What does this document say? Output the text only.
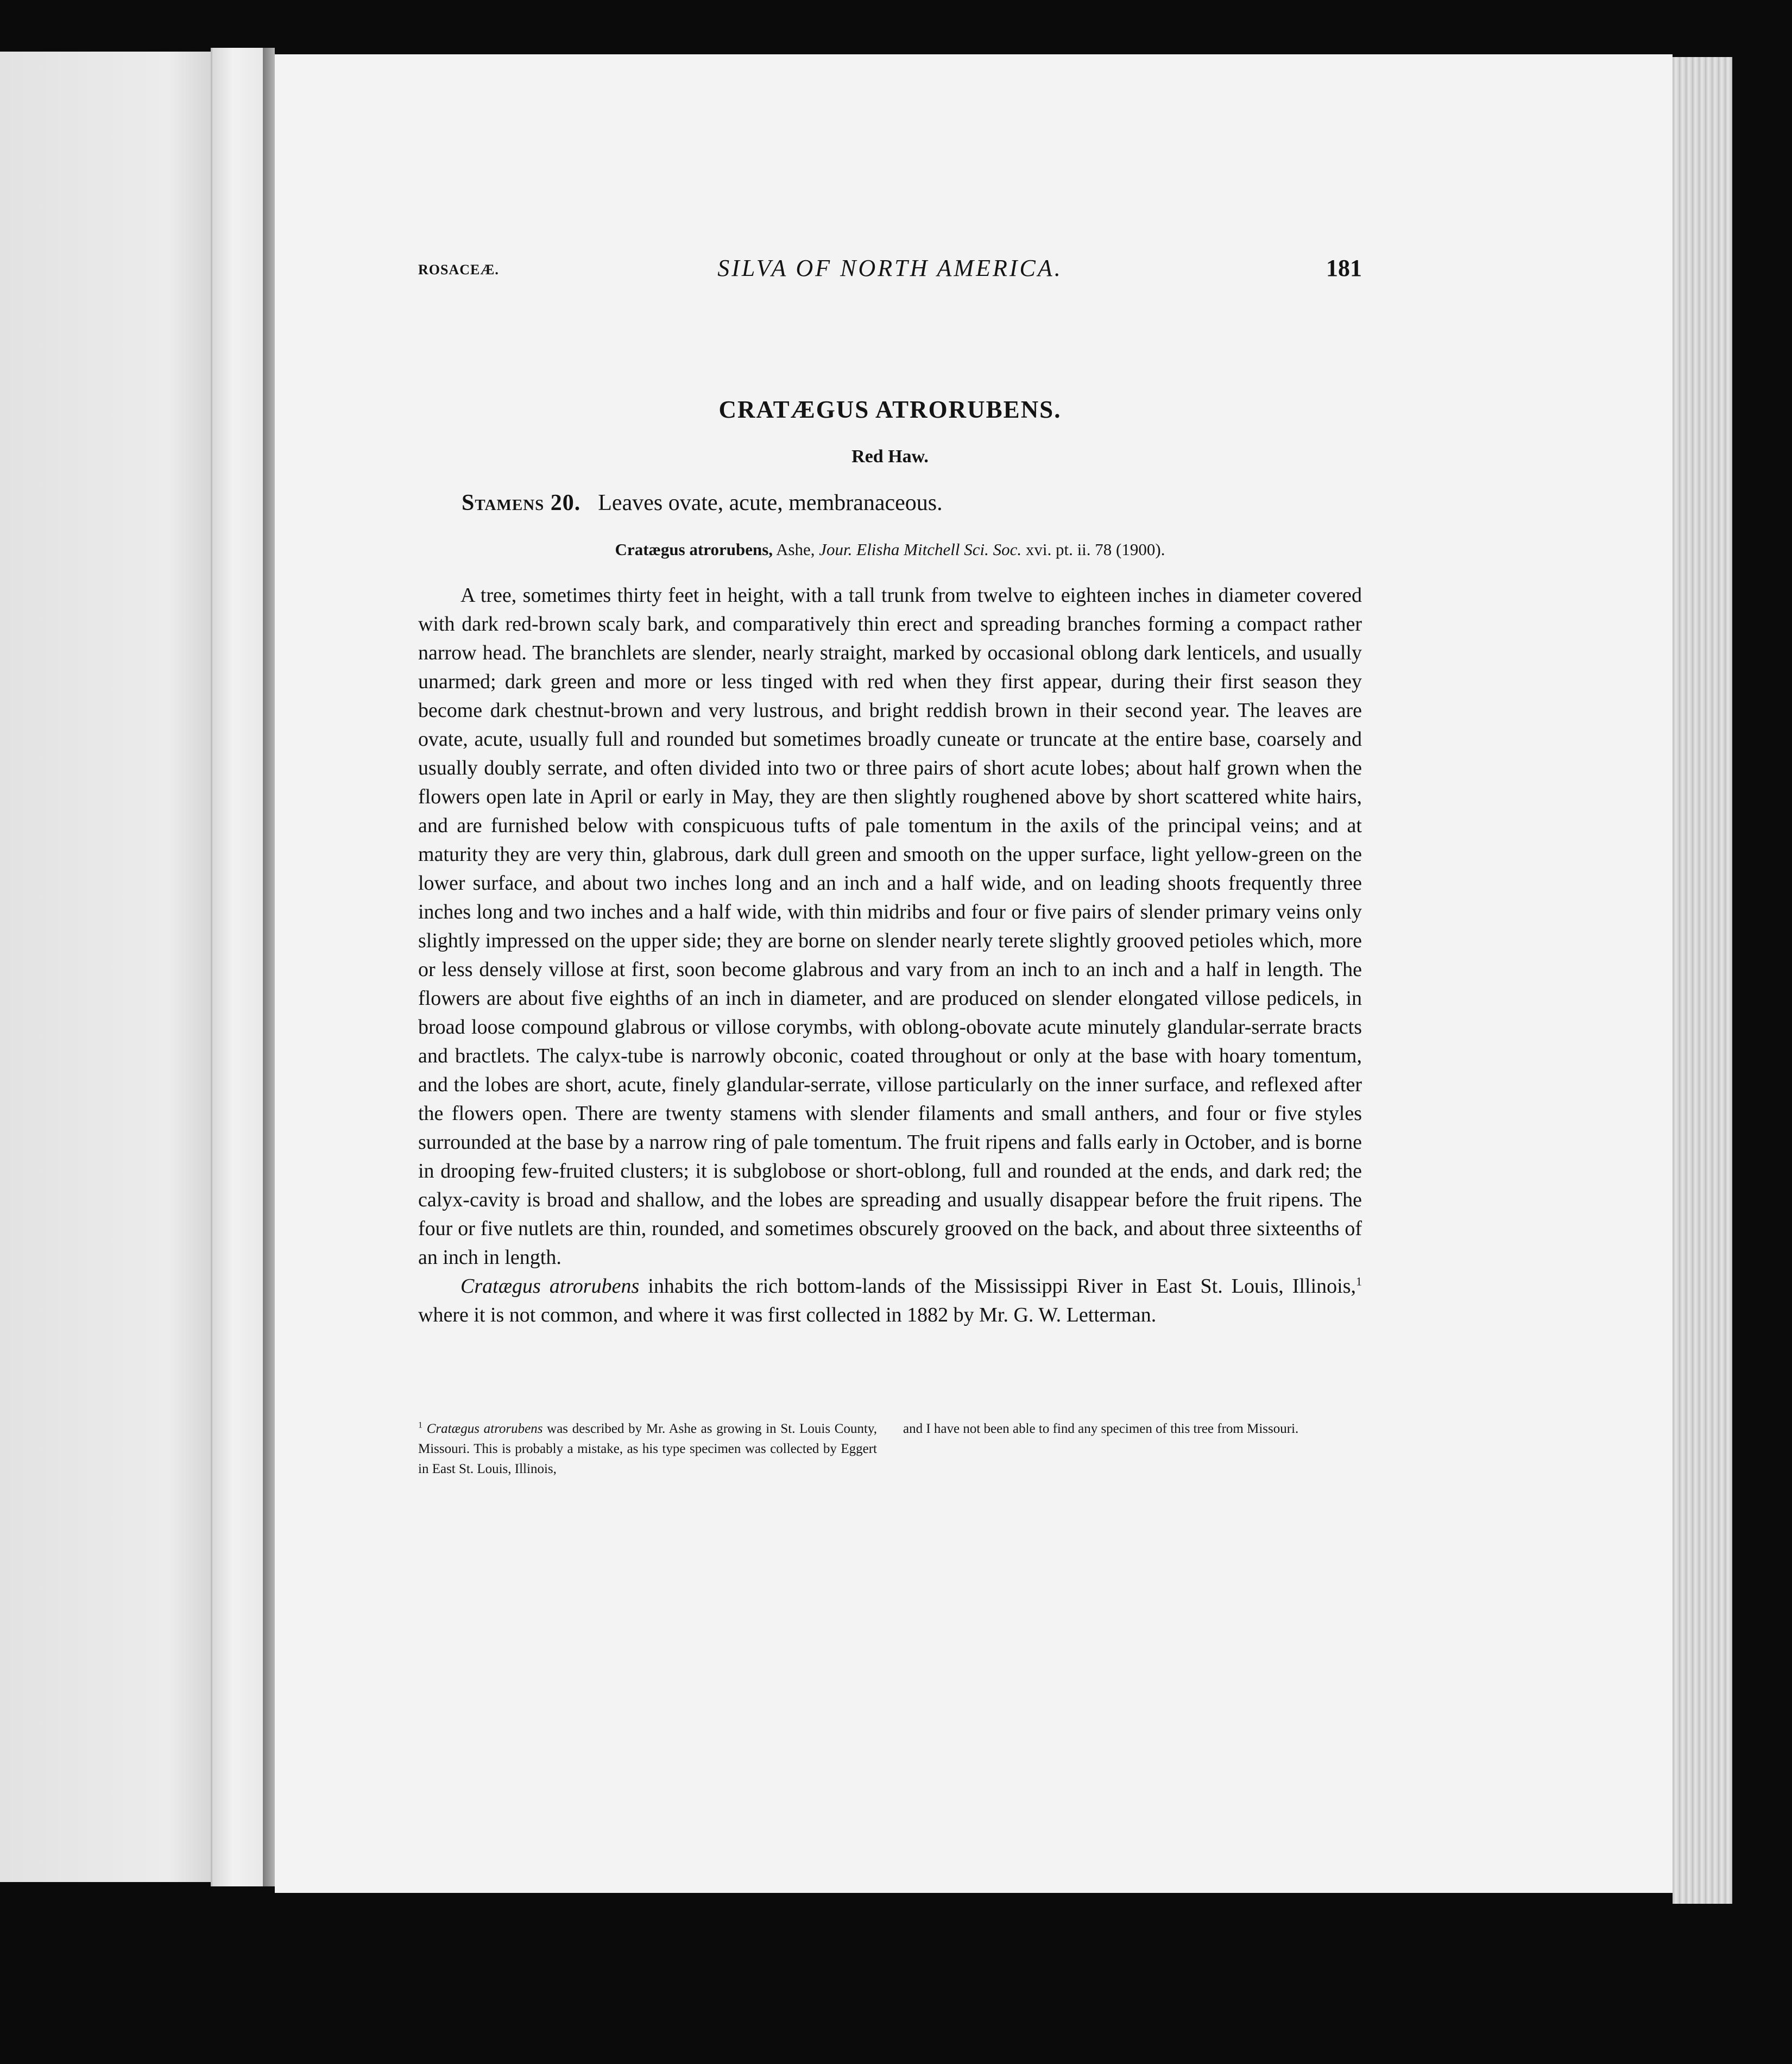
ROSACEÆ.	SILVA OF NORTH AMERICA.	181
CRATÆGUS ATRORUBENS.
Red Haw.
Stamens 20. Leaves ovate, acute, membranaceous.
Cratægus atrorubens, Ashe, Jour. Elisha Mitchell Sci. Soc. xvi. pt. ii. 78 (1900).

A tree, sometimes thirty feet in height, with a tall trunk from twelve to eighteen inches in diameter covered with dark red-brown scaly bark, and comparatively thin erect and spreading branches forming a compact rather narrow head. The branchlets are slender, nearly straight, marked by occasional oblong dark lenticels, and usually unarmed; dark green and more or less tinged with red when they first appear, during their first season they become dark chestnut-brown and very lustrous, and bright reddish brown in their second year. The leaves are ovate, acute, usually full and rounded but sometimes broadly cuneate or truncate at the entire base, coarsely and usually doubly serrate, and often divided into two or three pairs of short acute lobes; about half grown when the flowers open late in April or early in May, they are then slightly roughened above by short scattered white hairs, and are furnished below with conspicuous tufts of pale tomentum in the axils of the principal veins; and at maturity they are very thin, glabrous, dark dull green and smooth on the upper surface, light yellow-green on the lower surface, and about two inches long and an inch and a half wide, and on leading shoots frequently three inches long and two inches and a half wide, with thin midribs and four or five pairs of slender primary veins only slightly impressed on the upper side; they are borne on slender nearly terete slightly grooved petioles which, more or less densely villose at first, soon become glabrous and vary from an inch to an inch and a half in length. The flowers are about five eighths of an inch in diameter, and are produced on slender elongated villose pedicels, in broad loose compound glabrous or villose corymbs, with oblong-obovate acute minutely glandular-serrate bracts and bractlets. The calyx-tube is narrowly obconic, coated throughout or only at the base with hoary tomentum, and the lobes are short, acute, finely glandular-serrate, villose particularly on the inner surface, and reflexed after the flowers open. There are twenty stamens with slender filaments and small anthers, and four or five styles surrounded at the base by a narrow ring of pale tomentum. The fruit ripens and falls early in October, and is borne in drooping few-fruited clusters; it is subglobose or short-oblong, full and rounded at the ends, and dark red; the calyx-cavity is broad and shallow, and the lobes are spreading and usually disappear before the fruit ripens. The four or five nutlets are thin, rounded, and sometimes obscurely grooved on the back, and about three sixteenths of an inch in length.

Cratægus atrorubens inhabits the rich bottom-lands of the Mississippi River in East St. Louis, Illinois,$^1$ where it is not common, and where it was first collected in 1882 by Mr. G. W. Letterman.

$^1$ Cratægus atrorubens was described by Mr. Ashe as growing in St. Louis County, Missouri. This is probably a mistake, as his type specimen was collected by Eggert in East St. Louis, Illinois,
and I have not been able to find any specimen of this tree from Missouri.
